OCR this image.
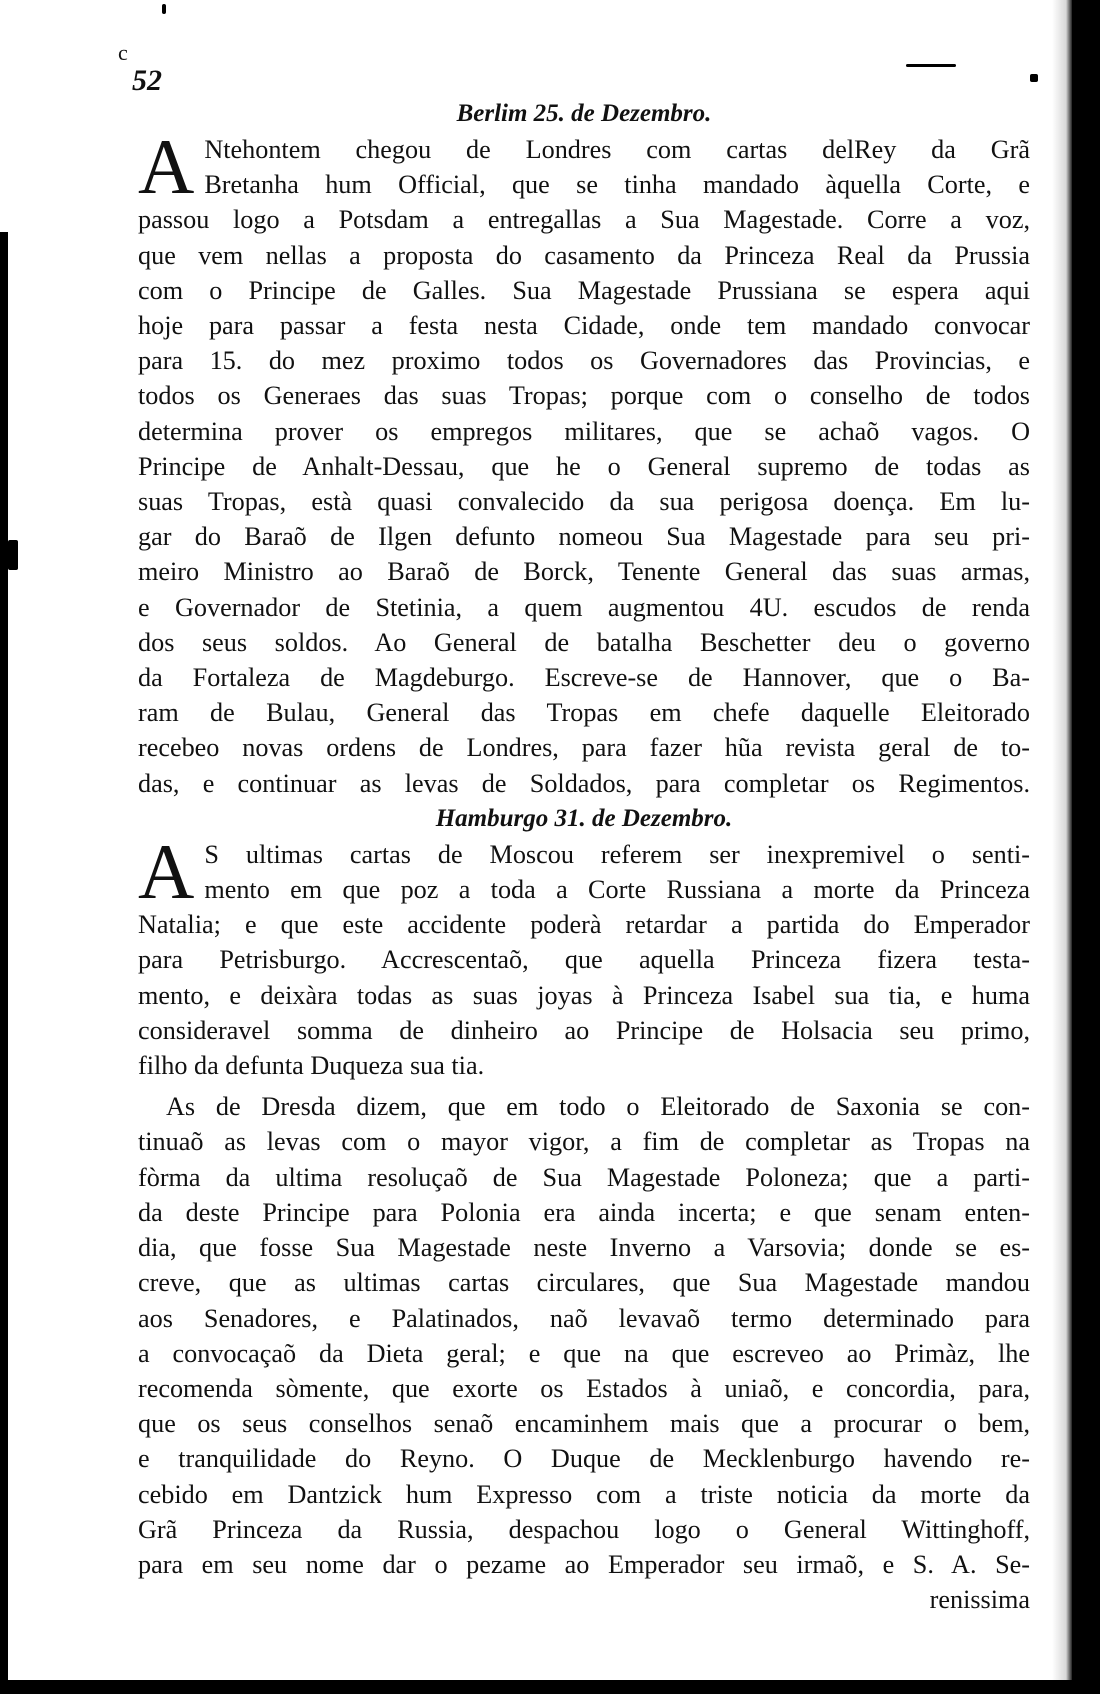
c
52

Berlim 25. de Dezembro.

A Ntehontem chegou de Londres com cartas delRey da Grã
Bretanha hum Official, que se tinha mandado àquella Corte, e
passou logo a Potsdam a entregallas a Sua Magestade. Corre a voz,
que vem nellas a proposta do casamento da Princeza Real da Prussia
com o Principe de Galles. Sua Magestade Prussiana se espera aqui
hoje para passar a festa nesta Cidade, onde tem mandado convocar
para 15. do mez proximo todos os Governadores das Provincias, e
todos os Generaes das suas Tropas; porque com o conselho de todos
determina prover os empregos militares, que se achaõ vagos. O
Principe de Anhalt-Dessau, que he o General supremo de todas as
suas Tropas, està quasi convalecido da sua perigosa doença. Em lu-
gar do Baraõ de Ilgen defunto nomeou Sua Magestade para seu pri-
meiro Ministro ao Baraõ de Borck, Tenente General das suas armas,
e Governador de Stetinia, a quem augmentou 4U. escudos de renda
dos seus soldos. Ao General de batalha Beschetter deu o governo
da Fortaleza de Magdeburgo. Escreve-se de Hannover, que o Ba-
ram de Bulau, General das Tropas em chefe daquelle Eleitorado
recebeo novas ordens de Londres, para fazer hũa revista geral de to-
das, e continuar as levas de Soldados, para completar os Regimentos.

Hamburgo 31. de Dezembro.

A S ultimas cartas de Moscou referem ser inexpremivel o senti-
mento em que poz a toda a Corte Russiana a morte da Princeza
Natalia; e que este accidente poderà retardar a partida do Emperador
para Petrisburgo. Accrescentaõ, que aquella Princeza fizera testa-
mento, e deixàra todas as suas joyas à Princeza Isabel sua tia, e huma
consideravel somma de dinheiro ao Principe de Holsacia seu primo,
filho da defunta Duqueza sua tia.
As de Dresda dizem, que em todo o Eleitorado de Saxonia se con-
tinuaõ as levas com o mayor vigor, a fim de completar as Tropas na
fòrma da ultima resoluçaõ de Sua Magestade Poloneza; que a parti-
da deste Principe para Polonia era ainda incerta; e que senam enten-
dia, que fosse Sua Magestade neste Inverno a Varsovia; donde se es-
creve, que as ultimas cartas circulares, que Sua Magestade mandou
aos Senadores, e Palatinados, naõ levavaõ termo determinado para
a convocaçaõ da Dieta geral; e que na que escreveo ao Primàz, lhe
recomenda sòmente, que exorte os Estados à uniaõ, e concordia, para,
que os seus conselhos senaõ encaminhem mais que a procurar o bem,
e tranquilidade do Reyno. O Duque de Mecklenburgo havendo re-
cebido em Dantzick hum Expresso com a triste noticia da morte da
Grã Princeza da Russia, despachou logo o General Wittinghoff,
para em seu nome dar o pezame ao Emperador seu irmaõ, e S. A. Se-
renissima
